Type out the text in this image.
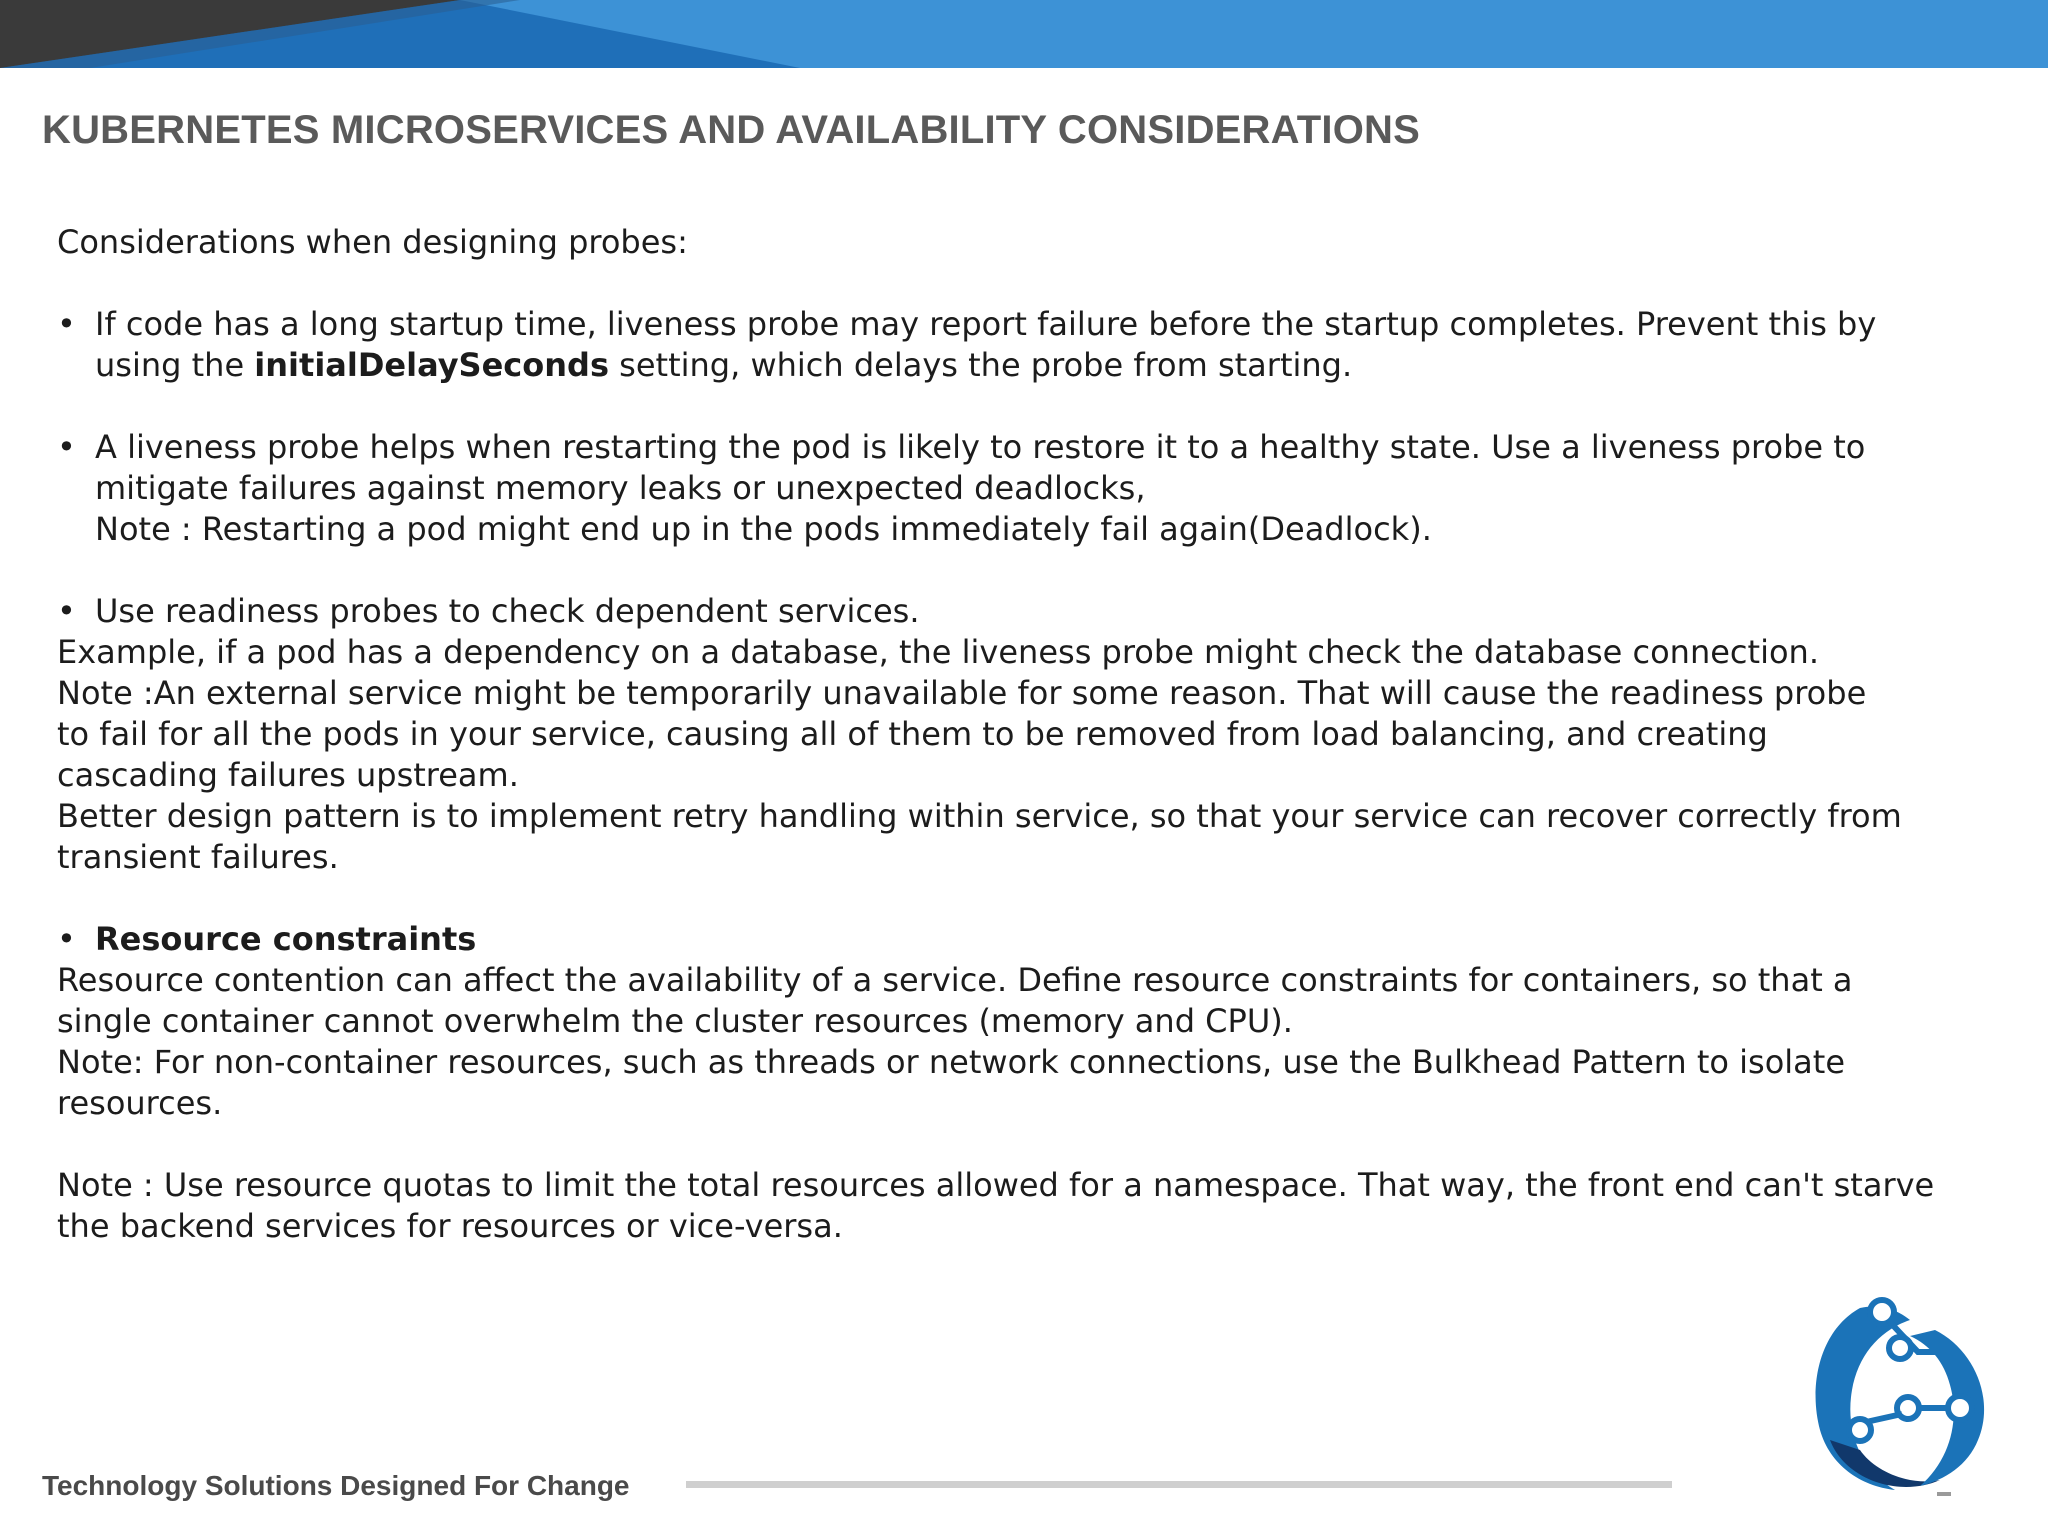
KUBERNETES MICROSERVICES AND AVAILABILITY CONSIDERATIONS

Considerations when designing probes:

• If code has a long startup time, liveness probe may report failure before the startup completes. Prevent this by

using the initialDelaySeconds setting, which delays the probe from starting.

• A liveness probe helps when restarting the pod is likely to restore it to a healthy state. Use a liveness probe to

mitigate failures against memory leaks or unexpected deadlocks,

Note : Restarting a pod might end up in the pods immediately fail again(Deadlock).

• Use readiness probes to check dependent services.

Example, if a pod has a dependency on a database, the liveness probe might check the database connection.

Note :An external service might be temporarily unavailable for some reason. That will cause the readiness probe

to fail for all the pods in your service, causing all of them to be removed from load balancing, and creating

cascading failures upstream.

Better design pattern is to implement retry handling within service, so that your service can recover correctly from

transient failures.

• Resource constraints

Resource contention can affect the availability of a service. Define resource constraints for containers, so that a

single container cannot overwhelm the cluster resources (memory and CPU).

Note: For non-container resources, such as threads or network connections, use the Bulkhead Pattern to isolate

resources.

Note : Use resource quotas to limit the total resources allowed for a namespace. That way, the front end can't starve

the backend services for resources or vice-versa.

Technology Solutions Designed For Change
